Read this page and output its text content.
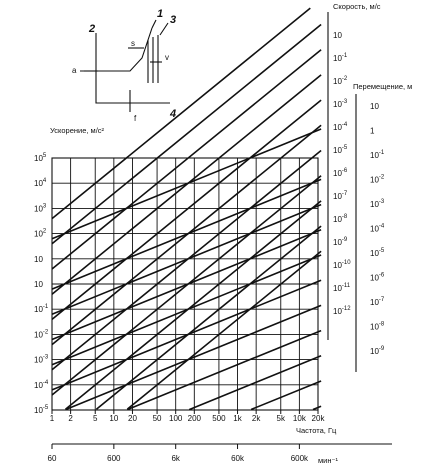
$10^5$
$10^4$
$10^3$
$10^2$
10
10
$10^{-1}$
$10^{-2}$
$10^{-3}$
$10^{-4}$
$10^{-5}$
1 2	5 10 20 50 100 200 500 1k 2k 5k 10k 20k
60	600	6k	60k	600k
10
$10^{-1}$
$10^{-2}$
$10^{-3}$
$10^{-4}$
$10^{-5}$
$10^{-6}$
$10^{-7}$
$10^{-8}$
$10^{-9}$
$10^{-10}$
$10^{-11}$
$10^{-12}$
10
1
$10^{-1}$
$10^{-2}$
$10^{-3}$
$10^{-4}$
$10^{-5}$
$10^{-6}$
$10^{-7}$
$10^{-8}$
$10^{-9}$
Ускорение, м/с²
Скорость, м/с
Перемещение, м
Частота, Гц
мин⁻¹
1
2
3
4
a
s
v
f
